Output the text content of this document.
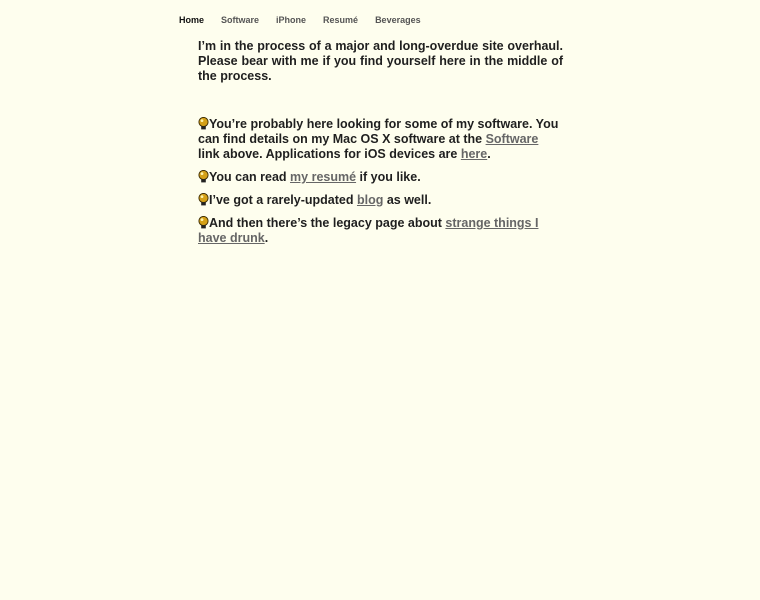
Home Software iPhone Resumé Beverages

I’m in the process of a major and long-overdue site overhaul. Please bear with me if you find yourself here in the middle of the process.

You’re probably here looking for some of my software. You can find details on my Mac OS X software at the Software link above. Applications for iOS devices are here.

You can read my resumé if you like.

I’ve got a rarely-updated blog as well.

And then there’s the legacy page about strange things I have drunk.
